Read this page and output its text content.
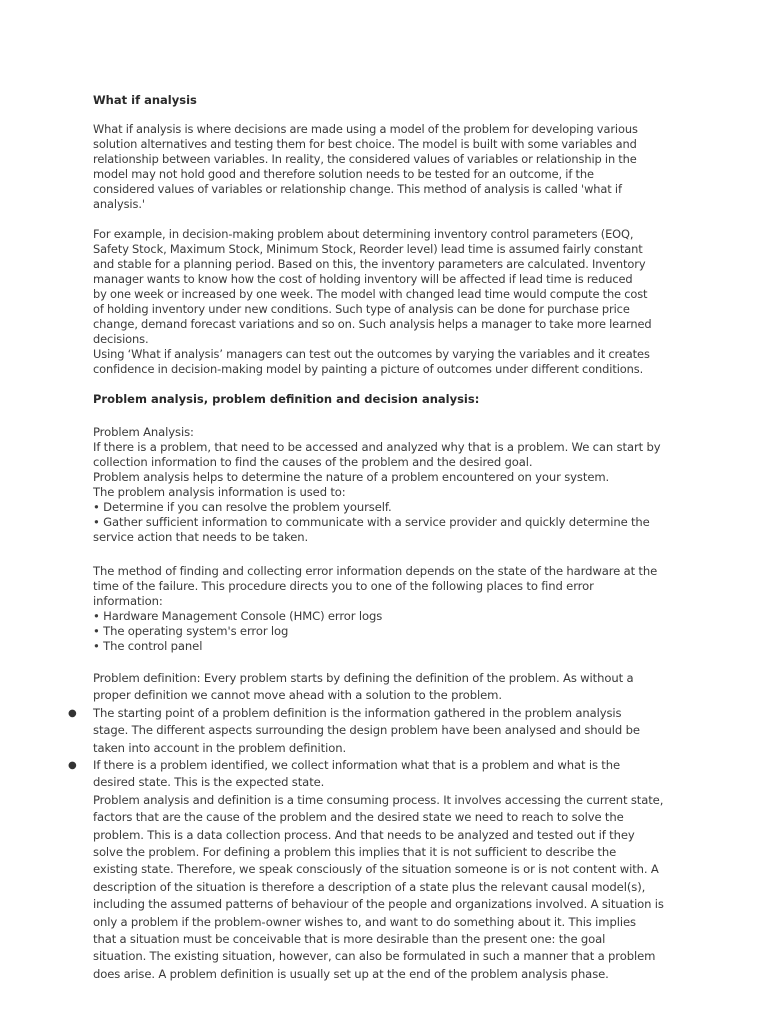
What if analysis
What if analysis is where decisions are made using a model of the problem for developing various
solution alternatives and testing them for best choice. The model is built with some variables and
relationship between variables. In reality, the considered values of variables or relationship in the
model may not hold good and therefore solution needs to be tested for an outcome, if the
considered values of variables or relationship change. This method of analysis is called 'what if
analysis.'
For example, in decision-making problem about determining inventory control parameters (EOQ,
Safety Stock, Maximum Stock, Minimum Stock, Reorder level) lead time is assumed fairly constant
and stable for a planning period. Based on this, the inventory parameters are calculated. Inventory
manager wants to know how the cost of holding inventory will be affected if lead time is reduced
by one week or increased by one week. The model with changed lead time would compute the cost
of holding inventory under new conditions. Such type of analysis can be done for purchase price
change, demand forecast variations and so on. Such analysis helps a manager to take more learned
decisions.
Using ‘What if analysis’ managers can test out the outcomes by varying the variables and it creates
confidence in decision-making model by painting a picture of outcomes under different conditions.
Problem analysis, problem definition and decision analysis:
Problem Analysis:
If there is a problem, that need to be accessed and analyzed why that is a problem. We can start by
collection information to find the causes of the problem and the desired goal.
Problem analysis helps to determine the nature of a problem encountered on your system.
The problem analysis information is used to:
• Determine if you can resolve the problem yourself.
• Gather sufficient information to communicate with a service provider and quickly determine the
service action that needs to be taken.
The method of finding and collecting error information depends on the state of the hardware at the
time of the failure. This procedure directs you to one of the following places to find error
information:
• Hardware Management Console (HMC) error logs
• The operating system's error log
• The control panel
Problem definition: Every problem starts by defining the definition of the problem. As without a
proper definition we cannot move ahead with a solution to the problem.
● The starting point of a problem definition is the information gathered in the problem analysis
stage. The different aspects surrounding the design problem have been analysed and should be
taken into account in the problem definition.
● If there is a problem identified, we collect information what that is a problem and what is the
desired state. This is the expected state.
Problem analysis and definition is a time consuming process. It involves accessing the current state,
factors that are the cause of the problem and the desired state we need to reach to solve the
problem. This is a data collection process. And that needs to be analyzed and tested out if they
solve the problem. For defining a problem this implies that it is not sufficient to describe the
existing state. Therefore, we speak consciously of the situation someone is or is not content with. A
description of the situation is therefore a description of a state plus the relevant causal model(s),
including the assumed patterns of behaviour of the people and organizations involved. A situation is
only a problem if the problem-owner wishes to, and want to do something about it. This implies
that a situation must be conceivable that is more desirable than the present one: the goal
situation. The existing situation, however, can also be formulated in such a manner that a problem
does arise. A problem definition is usually set up at the end of the problem analysis phase.
